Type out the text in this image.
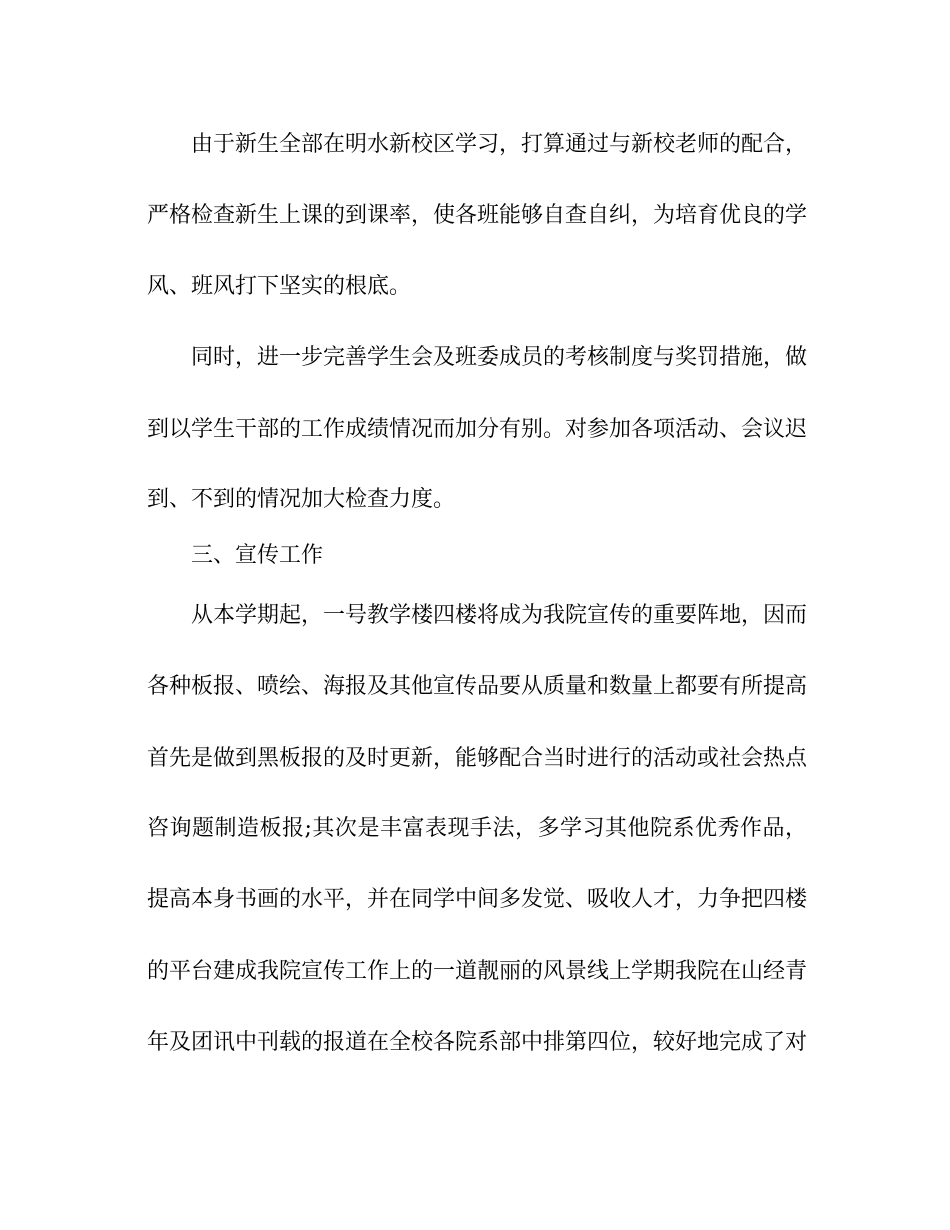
由于新生全部在明水新校区学习，打算通过与新校老师的配合，
严格检查新生上课的到课率，使各班能够自查自纠，为培育优良的学
风、班风打下坚实的根底。
同时，进一步完善学生会及班委成员的考核制度与奖罚措施，做
到以学生干部的工作成绩情况而加分有别。对参加各项活动、会议迟
到、不到的情况加大检查力度。
三、宣传工作
从本学期起，一号教学楼四楼将成为我院宣传的重要阵地，因而
各种板报、喷绘、海报及其他宣传品要从质量和数量上都要有所提高
首先是做到黑板报的及时更新，能够配合当时进行的活动或社会热点
咨询题制造板报;其次是丰富表现手法，多学习其他院系优秀作品，
提高本身书画的水平，并在同学中间多发觉、吸收人才，力争把四楼
的平台建成我院宣传工作上的一道靓丽的风景线上学期我院在山经青
年及团讯中刊载的报道在全校各院系部中排第四位，较好地完成了对
